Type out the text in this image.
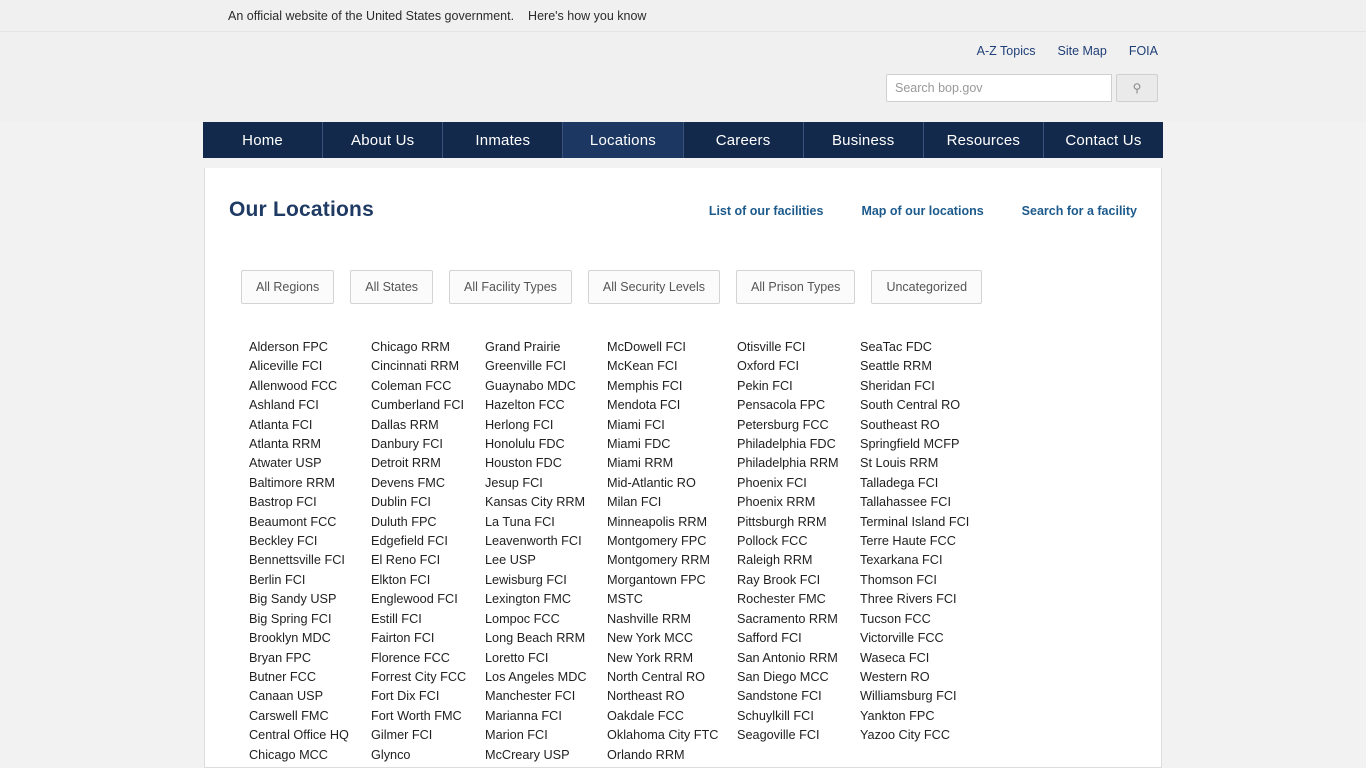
An official website of the United States government. Here's how you know
A-Z Topics Site Map FOIA
Search bop.gov
⚲
Home	About Us	Inmates	Locations	Careers	Business	Resources	Contact Us
Our Locations	List of our facilities	Map of our locations	Search for a facility
All Regions	All States	All Facility Types	All Security Levels	All Prison Types	Uncategorized
Alderson FPC
Aliceville FCI
Allenwood FCC
Ashland FCI
Atlanta FCI
Atlanta RRM
Atwater USP
Baltimore RRM
Bastrop FCI
Beaumont FCC
Beckley FCI
Bennettsville FCI
Berlin FCI
Big Sandy USP
Big Spring FCI
Brooklyn MDC
Bryan FPC
Butner FCC
Canaan USP
Carswell FMC
Central Office HQ
Chicago MCC
Chicago RRM
Cincinnati RRM
Coleman FCC
Cumberland FCI
Dallas RRM
Danbury FCI
Detroit RRM
Devens FMC
Dublin FCI
Duluth FPC
Edgefield FCI
El Reno FCI
Elkton FCI
Englewood FCI
Estill FCI
Fairton FCI
Florence FCC
Forrest City FCC
Fort Dix FCI
Fort Worth FMC
Gilmer FCI
Glynco
Grand Prairie
Greenville FCI
Guaynabo MDC
Hazelton FCC
Herlong FCI
Honolulu FDC
Houston FDC
Jesup FCI
Kansas City RRM
La Tuna FCI
Leavenworth FCI
Lee USP
Lewisburg FCI
Lexington FMC
Lompoc FCC
Long Beach RRM
Loretto FCI
Los Angeles MDC
Manchester FCI
Marianna FCI
Marion FCI
McCreary USP
McDowell FCI
McKean FCI
Memphis FCI
Mendota FCI
Miami FCI
Miami FDC
Miami RRM
Mid-Atlantic RO
Milan FCI
Minneapolis RRM
Montgomery FPC
Montgomery RRM
Morgantown FPC
MSTC
Nashville RRM
New York MCC
New York RRM
North Central RO
Northeast RO
Oakdale FCC
Oklahoma City FTC
Orlando RRM
Otisville FCI
Oxford FCI
Pekin FCI
Pensacola FPC
Petersburg FCC
Philadelphia FDC
Philadelphia RRM
Phoenix FCI
Phoenix RRM
Pittsburgh RRM
Pollock FCC
Raleigh RRM
Ray Brook FCI
Rochester FMC
Sacramento RRM
Safford FCI
San Antonio RRM
San Diego MCC
Sandstone FCI
Schuylkill FCI
Seagoville FCI
SeaTac FDC
Seattle RRM
Sheridan FCI
South Central RO
Southeast RO
Springfield MCFP
St Louis RRM
Talladega FCI
Tallahassee FCI
Terminal Island FCI
Terre Haute FCC
Texarkana FCI
Thomson FCI
Three Rivers FCI
Tucson FCC
Victorville FCC
Waseca FCI
Western RO
Williamsburg FCI
Yankton FPC
Yazoo City FCC
